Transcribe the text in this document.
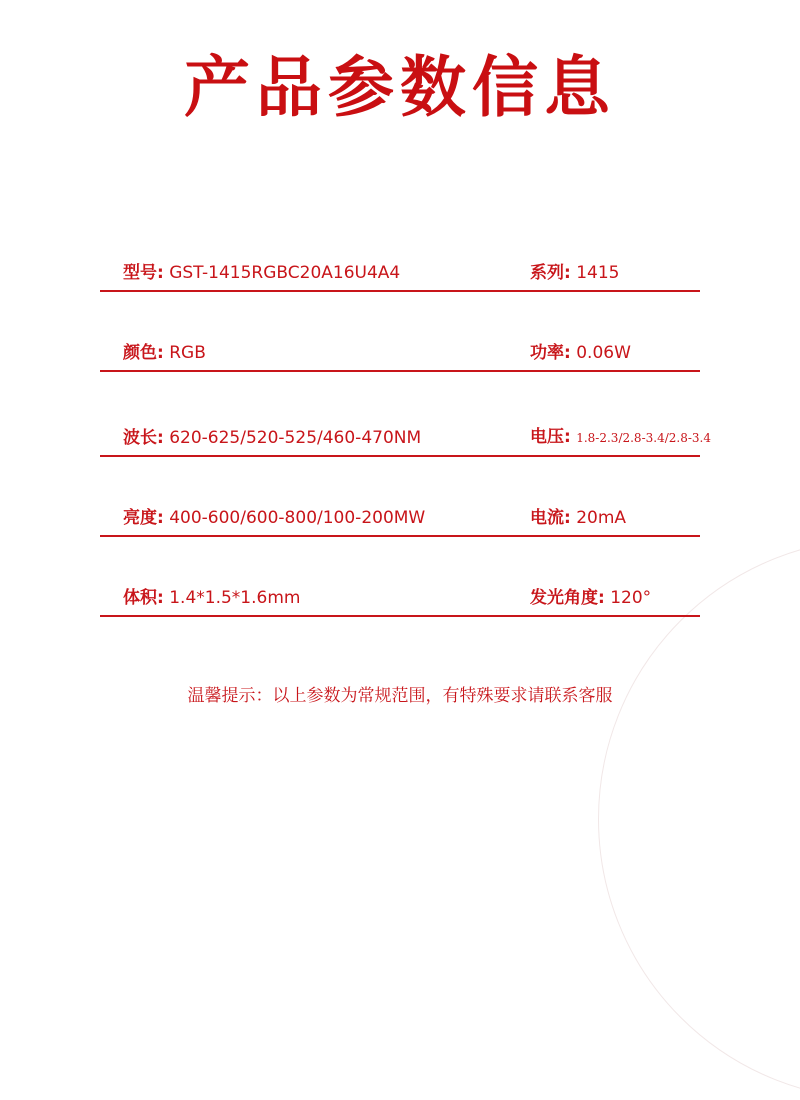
产品参数信息
型号: GST-1415RGBC20A16U4A4	系列: 1415
颜色: RGB	功率: 0.06W
波长: 620-625/520-525/460-470NM	电压: 1.8-2.3/2.8-3.4/2.8-3.4
亮度: 400-600/600-800/100-200MW	电流: 20mA
体积: 1.4*1.5*1.6mm	发光角度: 120°
温馨提示：以上参数为常规范围，有特殊要求请联系客服
